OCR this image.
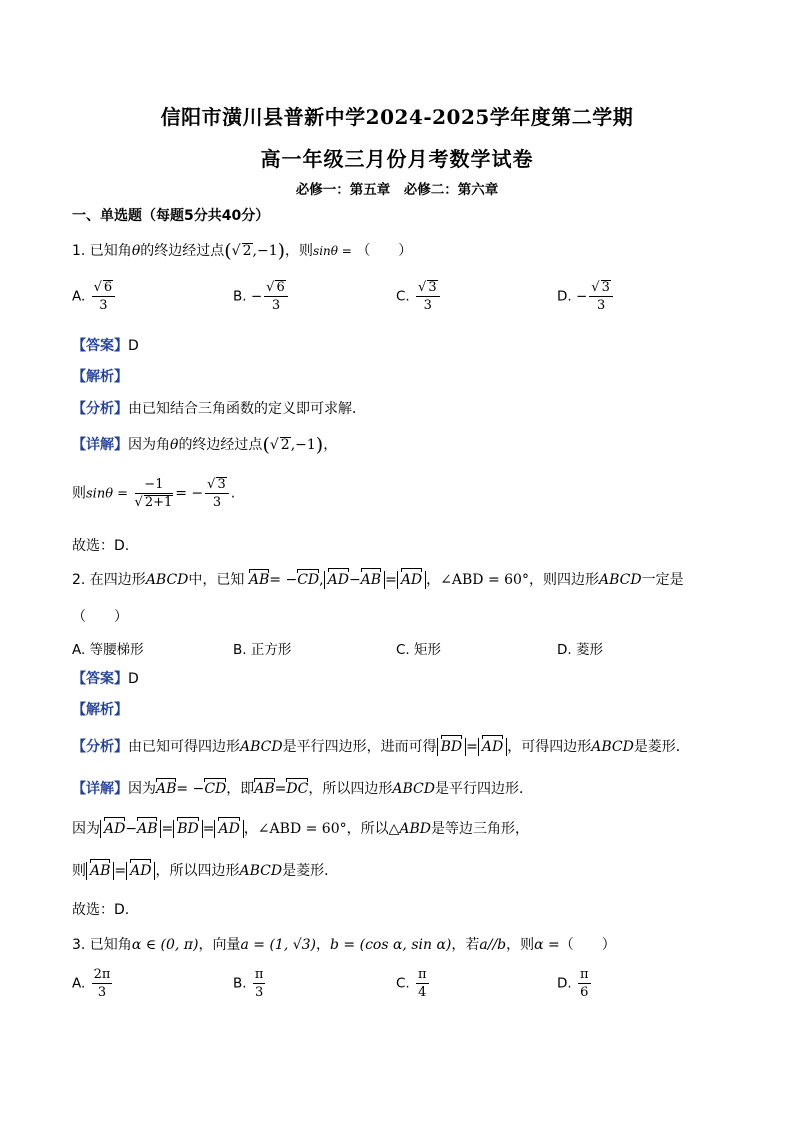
信阳市潢川县普新中学2024-2025学年度第二学期
高一年级三月份月考数学试卷
必修一：第五章　必修二：第六章
一、单选题（每题5分共40分）
1. 已知角θ的终边经过点(√ 2,−1)，则sinθ = （　　）
A. $\frac{√ 6}{3}$	B. − $\frac{√ 6}{3}$	C. $\frac{√ 3}{3}$	D. − $\frac{√ 3}{3}$
【答案】D
【解析】
【分析】由已知结合三角函数的定义即可求解．
【详解】因为角θ的终边经过点(√ 2,−1)，
则$\sin\theta = \frac{-1}{√ 2+1}$ = − $\frac{√ 3}{3}$ .
故选：D.
2. 在四边形ABCD中，已知 AB= −CD, AD−AB = AD ，∠ABD = 60°，则四边形ABCD一定是
（　　）
A. 等腰梯形	B. 正方形	C. 矩形	D. 菱形
【答案】D
【解析】
【分析】由已知可得四边形ABCD是平行四边形，进而可得 BD = AD ，可得四边形ABCD是菱形．
【详解】因为AB= −CD，即AB=DC，所以四边形ABCD是平行四边形．
因为 AD−AB = BD = AD ，∠ABD = 60°，所以△ABD是等边三角形，
则 AB = AD ，所以四边形ABCD是菱形．
故选：D.
3. 已知角α ∈ (0, π)，向量a = (1, √3)，b = (cos α, sin α)，若a//b，则α =（　　）
A. $\frac{2\pi}{3}$	B. $\frac{\pi}{3}$	C. $\frac{\pi}{4}$	D. $\frac{\pi}{6}$
